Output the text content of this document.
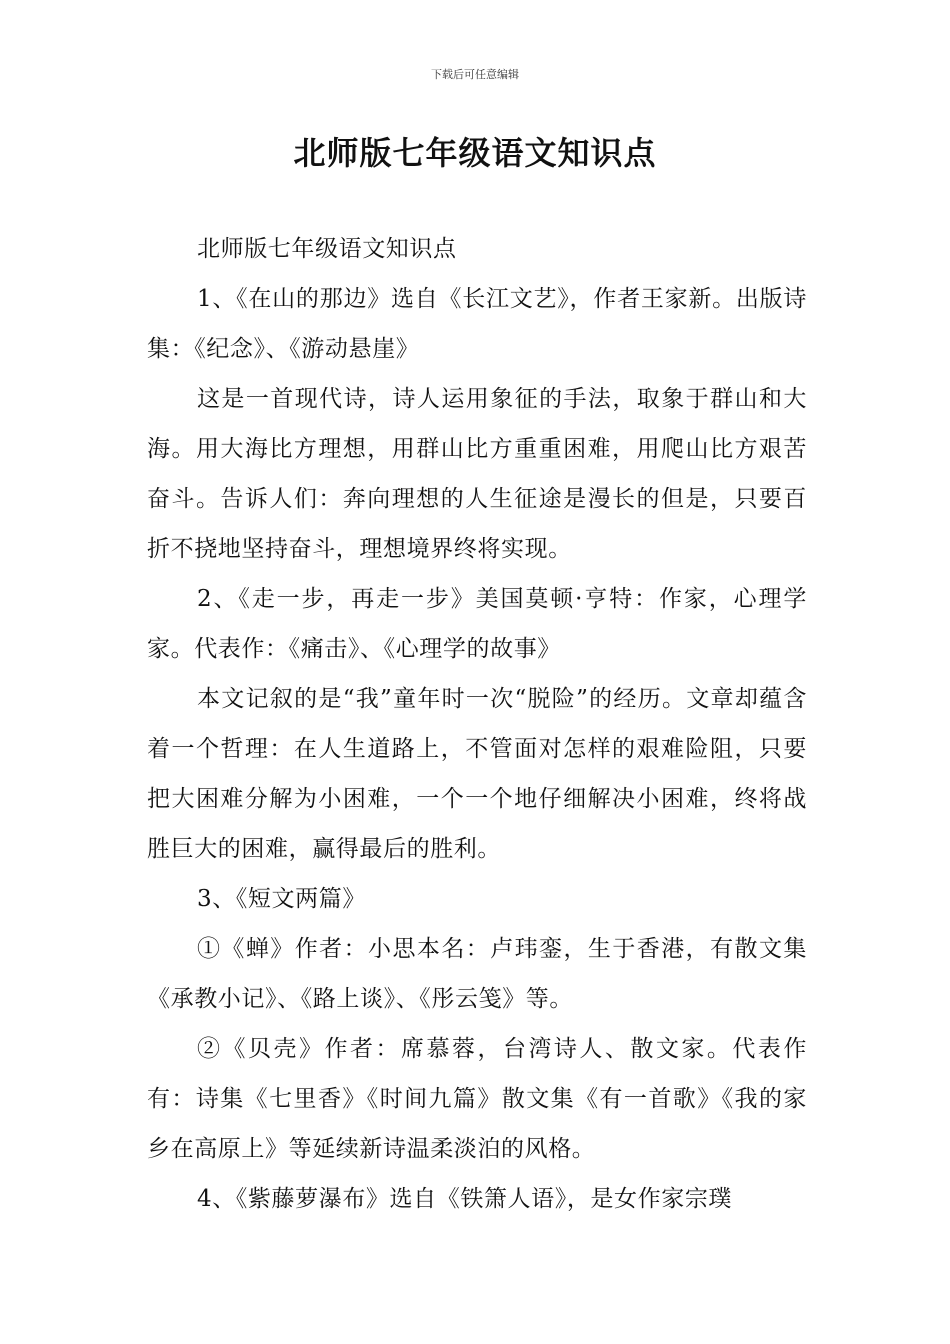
下载后可任意编辑
北师版七年级语文知识点

北师版七年级语文知识点

1、《在山的那边》选自《长江文艺》，作者王家新。出版诗集：《纪念》、《游动悬崖》

这是一首现代诗，诗人运用象征的手法，取象于群山和大海。用大海比方理想，用群山比方重重困难，用爬山比方艰苦奋斗。告诉人们：奔向理想的人生征途是漫长的但是，只要百折不挠地坚持奋斗，理想境界终将实现。

2、《走一步，再走一步》美国莫顿·亨特：作家，心理学家。代表作：《痛击》、《心理学的故事》

本文记叙的是“我”童年时一次“脱险”的经历。文章却蕴含着一个哲理：在人生道路上，不管面对怎样的艰难险阻，只要把大困难分解为小困难，一个一个地仔细解决小困难，终将战胜巨大的困难，赢得最后的胜利。

3、《短文两篇》

①《蝉》作者：小思本名：卢玮銮，生于香港，有散文集《承教小记》、《路上谈》、《彤云笺》等。

②《贝壳》作者：席慕蓉，台湾诗人、散文家。代表作有：诗集《七里香》《时间九篇》散文集《有一首歌》《我的家乡在高原上》等延续新诗温柔淡泊的风格。

4、《紫藤萝瀑布》选自《铁箫人语》，是女作家宗璞
